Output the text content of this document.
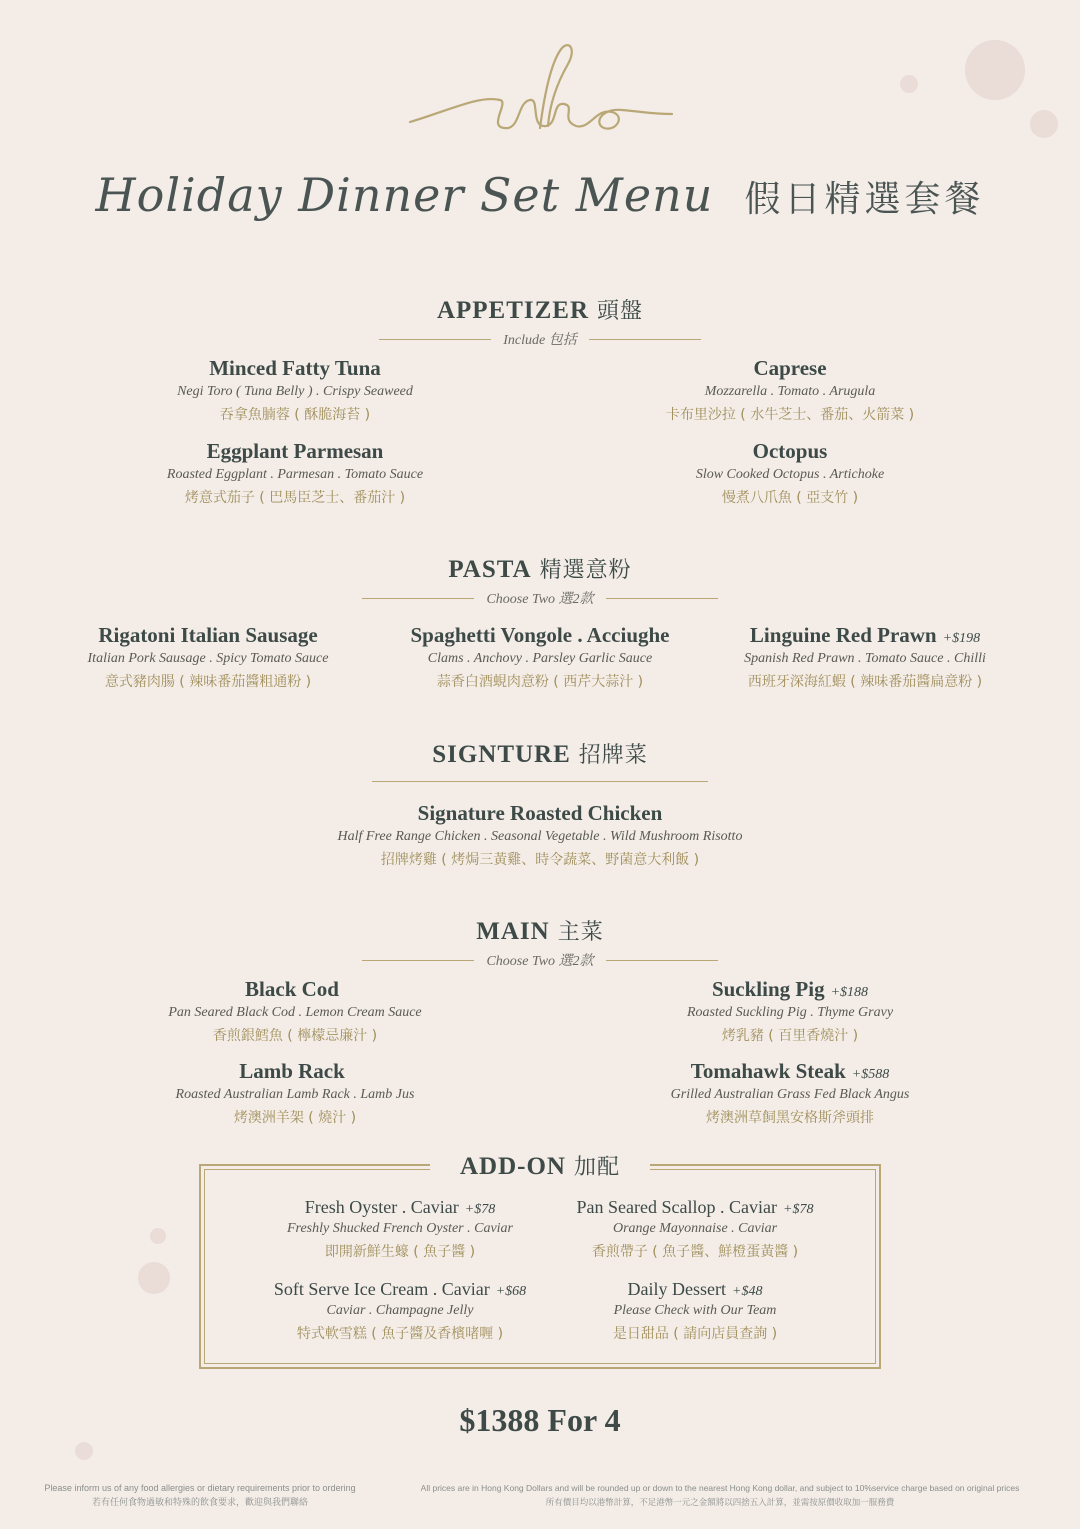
Holiday Dinner Set Menu 假日精選套餐
APPETIZER 頭盤
Include 包括
Minced Fatty Tuna
Negi Toro ( Tuna Belly ) . Crispy Seaweed
吞拿魚腩蓉 ( 酥脆海苔 )
Caprese
Mozzarella . Tomato . Arugula
卡布里沙拉 ( 水牛芝士、番茄、火箭菜 )
Eggplant Parmesan
Roasted Eggplant . Parmesan . Tomato Sauce
烤意式茄子 ( 巴馬臣芝士、番茄汁 )
Octopus
Slow Cooked Octopus . Artichoke
慢煮八爪魚 ( 亞支竹 )
PASTA 精選意粉
Choose Two 選2款
Rigatoni Italian Sausage
Italian Pork Sausage . Spicy Tomato Sauce
意式豬肉腸 ( 辣味番茄醬粗通粉 )
Spaghetti Vongole . Acciughe
Clams . Anchovy . Parsley Garlic Sauce
蒜香白酒蜆肉意粉 ( 西芹大蒜汁 )
Linguine Red Prawn +$198
Spanish Red Prawn . Tomato Sauce . Chilli
西班牙深海紅蝦 ( 辣味番茄醬扁意粉 )
SIGNTURE 招牌菜
Signature Roasted Chicken
Half Free Range Chicken . Seasonal Vegetable . Wild Mushroom Risotto
招牌烤雞 ( 烤焗三黃雞、時令蔬菜、野菌意大利飯 )
MAIN 主菜
Choose Two 選2款
Black Cod
Pan Seared Black Cod . Lemon Cream Sauce
香煎銀鱈魚 ( 檸檬忌廉汁 )
Suckling Pig +$188
Roasted Suckling Pig . Thyme Gravy
烤乳豬 ( 百里香燒汁 )
Lamb Rack
Roasted Australian Lamb Rack . Lamb Jus
烤澳洲羊架 ( 燒汁 )
Tomahawk Steak +$588
Grilled Australian Grass Fed Black Angus
烤澳洲草飼黑安格斯斧頭排
ADD-ON 加配
Fresh Oyster . Caviar +$78
Freshly Shucked French Oyster . Caviar
即開新鮮生蠔 ( 魚子醬 )
Pan Seared Scallop . Caviar +$78
Orange Mayonnaise . Caviar
香煎帶子 ( 魚子醬、鮮橙蛋黃醬 )
Soft Serve Ice Cream . Caviar +$68
Caviar . Champagne Jelly
特式軟雪糕 ( 魚子醬及香檳啫喱 )
Daily Dessert +$48
Please Check with Our Team
是日甜品 ( 請向店員查詢 )
$1388 For 4
Please inform us of any food allergies or dietary requirements prior to ordering
若有任何食物過敏和特殊的飲食要求，歡迎與我們聯絡
All prices are in Hong Kong Dollars and will be rounded up or down to the nearest Hong Kong dollar, and subject to 10%service charge based on original prices
所有價目均以港幣計算，不足港幣一元之金額將以四捨五入計算，並需按原價收取加一服務費
